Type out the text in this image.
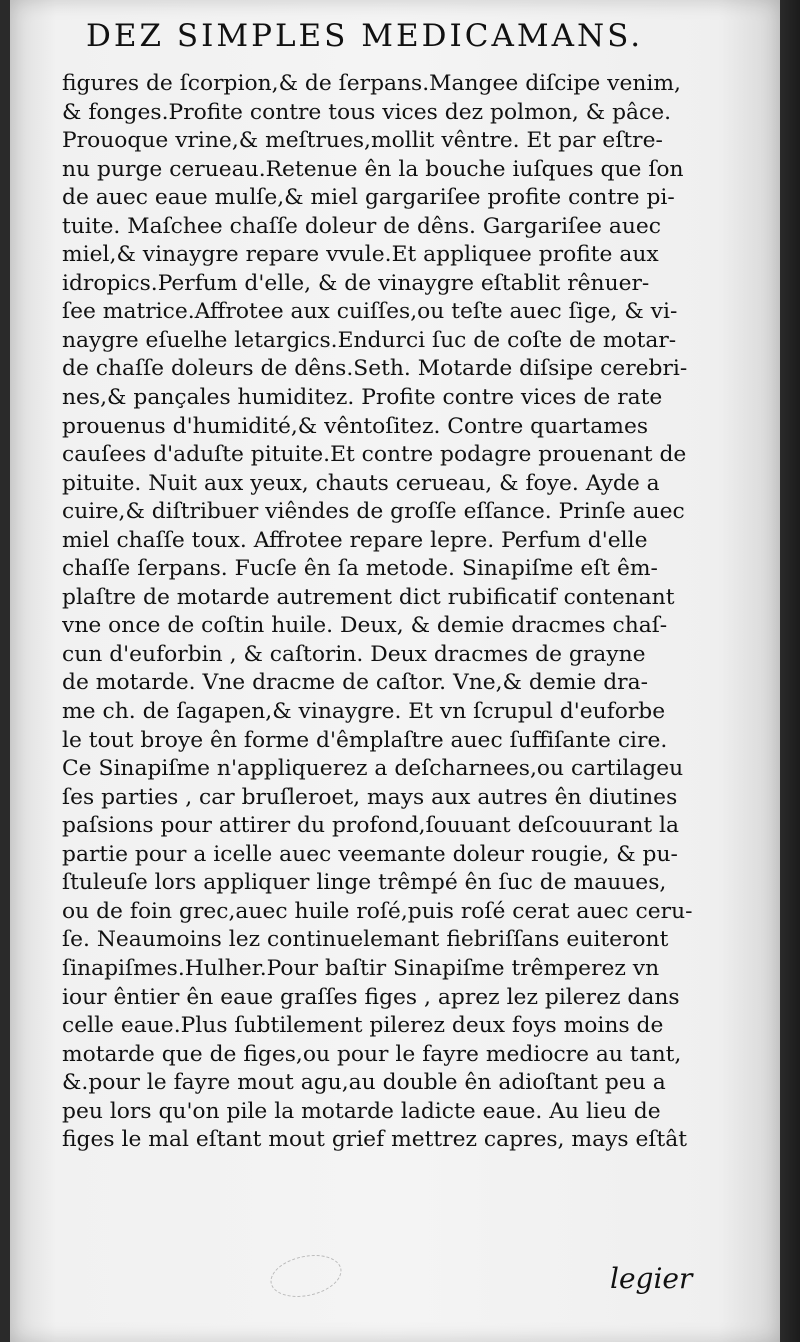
DEZ SIMPLES MEDICAMANS.
figures de ſcorpion,& de ſerpans.Mangee diſcipe venim,
& fonges.Profite contre tous vices dez polmon, & pâce.
Prouoque vrine,& meſtrues,mollit vêntre. Et par eſtre-
nu purge cerueau.Retenue ên la bouche iuſques que ſon
de auec eaue mulſe,& miel gargariſee profite contre pi-
tuite. Maſchee chaſſe doleur de dêns. Gargariſee auec
miel,& vinaygre repare vvule.Et appliquee profite aux
idropics.Perfum d'elle, & de vinaygre eſtablit rênuer-
ſee matrice.Affrotee aux cuiſſes,ou teſte auec ſige, & vi-
naygre eſuelhe letargics.Endurci ſuc de coſte de motar-
de chaſſe doleurs de dêns.Seth. Motarde diſsipe cerebri-
nes,& pançales humiditez. Profite contre vices de rate
prouenus d'humidité,& vêntoſitez. Contre quartames
cauſees d'aduſte pituite.Et contre podagre prouenant de
pituite. Nuit aux yeux, chauts cerueau, & foye. Ayde a
cuire,& diſtribuer viêndes de groſſe eſſance. Prinſe auec
miel chaſſe toux. Affrotee repare lepre. Perfum d'elle
chaſſe ſerpans. Fucſe ên ſa metode. Sinapiſme eſt êm-
plaſtre de motarde autrement dict rubificatif contenant
vne once de coſtin huile. Deux, & demie dracmes chaſ-
cun d'euforbin , & caſtorin. Deux dracmes de grayne
de motarde. Vne dracme de caſtor. Vne,& demie dra-
me ch. de ſagapen,& vinaygre. Et vn ſcrupul d'euforbe
le tout broye ên forme d'êmplaſtre auec ſuffiſante cire.
Ce Sinapiſme n'appliquerez a deſcharnees,ou cartilageu
ſes parties , car bruſleroet, mays aux autres ên diutines
paſsions pour attirer du profond,ſouuant deſcouurant la
partie pour a icelle auec veemante doleur rougie, & pu-
ſtuleuſe lors appliquer linge trêmpé ên ſuc de mauues,
ou de foin grec,auec huile roſé,puis roſé cerat auec ceru-
ſe. Neaumoins lez continuelemant fiebriſſans euiteront
ſinapiſmes.Hulher.Pour baſtir Sinapiſme trêmperez vn
iour êntier ên eaue graſſes figes , aprez lez pilerez dans
celle eaue.Plus ſubtilement pilerez deux foys moins de
motarde que de figes,ou pour le fayre mediocre au tant,
&.pour le fayre mout agu,au double ên adioſtant peu a
peu lors qu'on pile la motarde ladicte eaue. Au lieu de
figes le mal eſtant mout grief mettrez capres, mays eſtât
legier
